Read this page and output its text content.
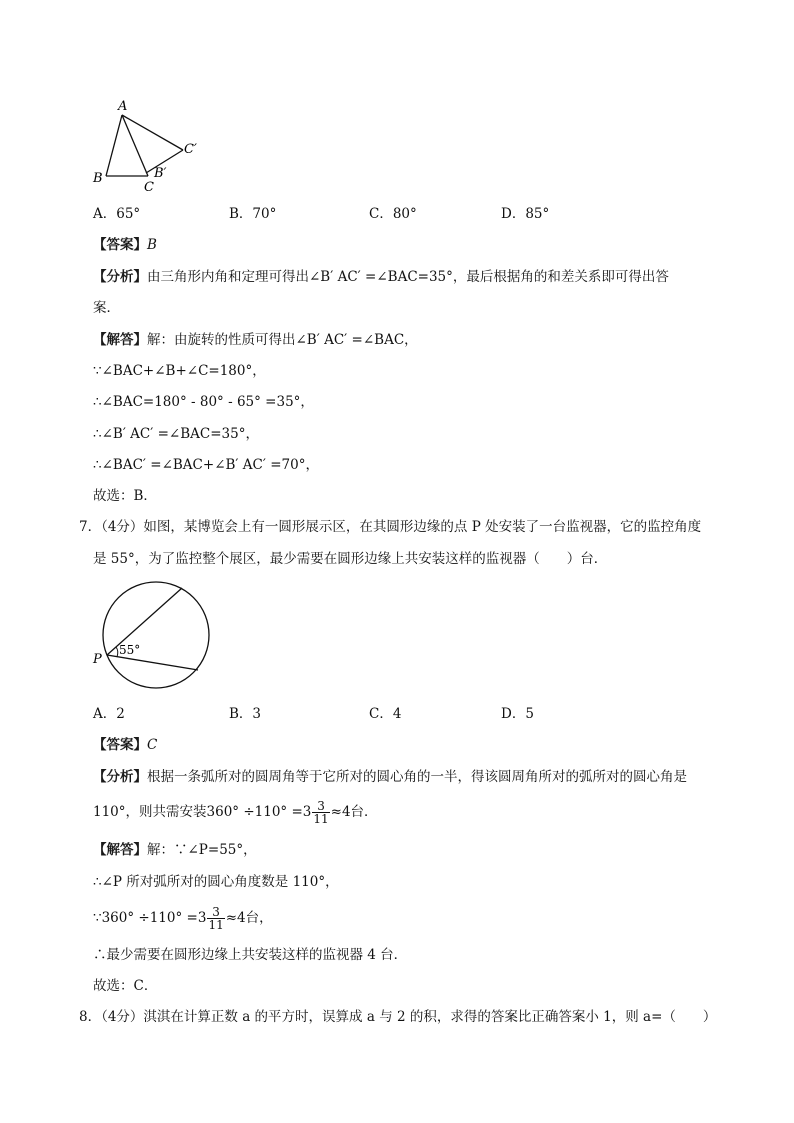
A
B
C
B′
C′
A．65°	B．70°	C．80°	D．85°
【答案】B
【分析】由三角形内角和定理可得出∠B′ AC′ =∠BAC=35°，最后根据角的和差关系即可得出答
案．
【解答】解：由旋转的性质可得出∠B′ AC′ =∠BAC，
∵∠BAC+∠B+∠C=180°，
∴∠BAC=180° - 80° - 65° =35°，
∴∠B′ AC′ =∠BAC=35°，
∴∠BAC′ =∠BAC+∠B′ AC′ =70°，
故选：B．
7．（4分）如图，某博览会上有一圆形展示区，在其圆形边缘的点 P 处安装了一台监视器，它的监控角度
是 55°，为了监控整个展区，最少需要在圆形边缘上共安装这样的监视器（　　）台．
P
55°
A．2	B．3	C．4	D．5
【答案】C
【分析】根据一条弧所对的圆周角等于它所对的圆心角的一半，得该圆周角所对的弧所对的圆心角是
110°，则共需安装$360^\circ \div 110^\circ =3 \frac{3}{11} \approx 4$台．
【解答】解：∵∠P=55°，
∴∠P 所对弧所对的圆心角度数是 110°，
∵360° $\div 110^\circ =3 \frac{3}{11} \approx 4$台，
∴最少需要在圆形边缘上共安装这样的监视器 4 台．
故选：C．
8．（4分）淇淇在计算正数 a 的平方时，误算成 a 与 2 的积，求得的答案比正确答案小 1，则 a=（　　）
